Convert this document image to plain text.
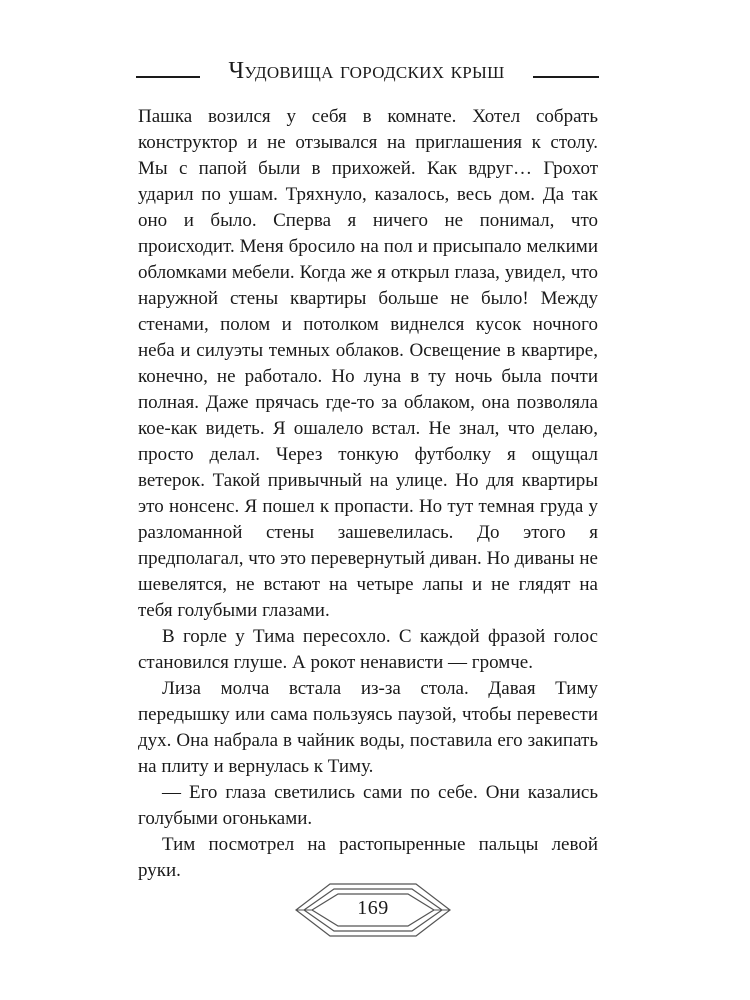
Чудовища городских крыш

Пашка возился у себя в комнате. Хотел собрать конструктор и не отзывался на приглашения к столу. Мы с папой были в прихожей. Как вдруг… Грохот ударил по ушам. Тряхнуло, казалось, весь дом. Да так оно и было. Сперва я ничего не понимал, что происходит. Меня бросило на пол и присыпало мелкими обломками мебели. Когда же я открыл глаза, увидел, что наружной стены квартиры больше не было! Между стенами, полом и потолком виднелся кусок ночного неба и силуэты темных облаков. Освещение в квартире, конечно, не работало. Но луна в ту ночь была почти полная. Даже прячась где-то за облаком, она позволяла кое-как видеть. Я ошалело встал. Не знал, что делаю, просто делал. Через тонкую футболку я ощущал ветерок. Такой привычный на улице. Но для квартиры это нонсенс. Я пошел к пропасти. Но тут темная груда у разломанной стены зашевелилась. До этого я предполагал, что это перевернутый диван. Но диваны не шевелятся, не встают на четыре лапы и не глядят на тебя голубыми глазами.

В горле у Тима пересохло. С каждой фразой голос становился глуше. А рокот ненависти — громче.

Лиза молча встала из-за стола. Давая Тиму передышку или сама пользуясь паузой, чтобы перевести дух. Она набрала в чайник воды, поставила его закипать на плиту и вернулась к Тиму.

— Его глаза светились сами по себе. Они казались голубыми огоньками.

Тим посмотрел на растопыренные пальцы левой руки.

169
